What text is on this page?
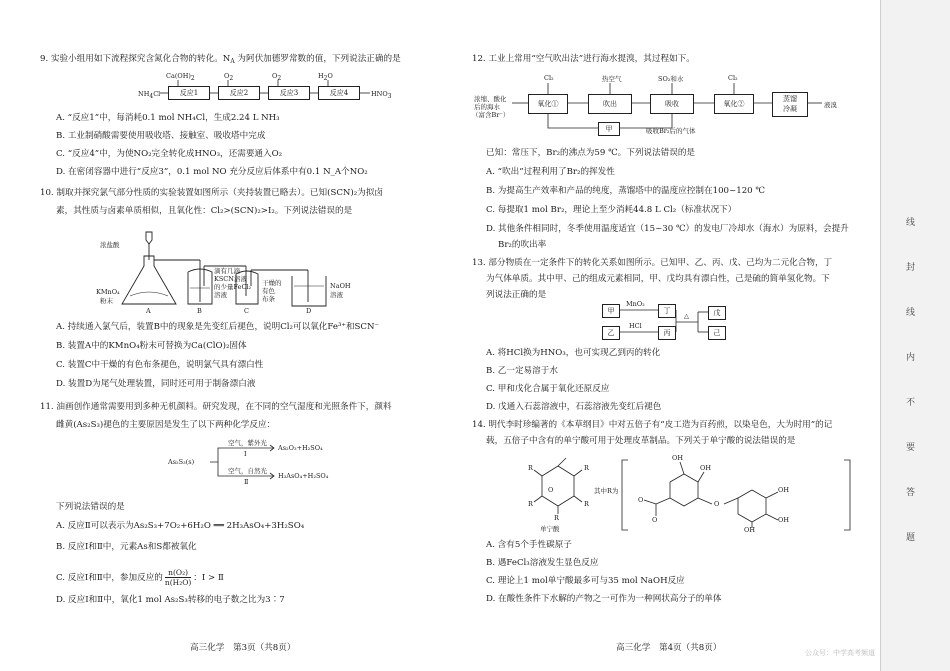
9. 实验小组用如下流程探究含氮化合物的转化。$N_A$ 为阿伏加德罗常数的值，下列说法正确的是
Ca(OH)2	O2	O2	H2O
NH4Cl	反应1	反应2	反应3	反应4	HNO3
A. “反应1”中，每消耗0.1 mol NH₄Cl，生成2.24 L NH₃
B. 工业制硝酸需要使用吸收塔、接触室、吸收塔中完成
C. “反应4”中，为使NO₂完全转化成HNO₃，还需要通入O₂
D. 在密闭容器中进行“反应3”，0.1 mol NO 充分反应后体系中有0.1 N_A个NO₂
10. 制取并探究氯气部分性质的实验装置如图所示（夹持装置已略去）。已知(SCN)₂为拟卤
素，其性质与卤素单质相似，且氧化性：Cl₂>(SCN)₂>I₂。下列说法错误的是
浓盐酸
KMnO₄
粉末
滴有几滴
KSCN溶液
的少量FeCl₂
溶液
干燥的
有色
布条
NaOH
溶液
A	B	C	D
A. 持续通入氯气后，装置B中的现象是先变红后褪色，说明Cl₂可以氧化Fe³⁺和SCN⁻
B. 装置A中的KMnO₄粉末可替换为Ca(ClO)₂固体
C. 装置C中干燥的有色布条褪色，说明氯气具有漂白性
D. 装置D为尾气处理装置，同时还可用于制备漂白液
11. 油画创作通常需要用到多种无机颜料。研究发现，在不同的空气湿度和光照条件下，颜料
雌黄(As₂S₃)褪色的主要原因是发生了以下两种化学反应：
As₂S₃(s)
空气，紫外光
Ⅰ
As₂O₃+H₂SO₄
空气，自然光
Ⅱ
H₃AsO₄+H₂SO₄
下列说法错误的是
A. 反应Ⅱ可以表示为As₂S₃+7O₂+6H₂O ══ 2H₃AsO₄+3H₂SO₄
B. 反应Ⅰ和Ⅱ中，元素As和S都被氧化
C. 反应Ⅰ和Ⅱ中，参加反应的 $\frac{\text{n(O₂)}}{\text{n(H₂O)}}$ ：Ⅰ > Ⅱ
D. 反应Ⅰ和Ⅱ中，氧化1 mol As₂S₃转移的电子数之比为3∶7
高三化学　第3页（共8页）
12. 工业上常用“空气吹出法”进行海水提溴，其过程如下。
浓缩、酸化
后的海水
（富含Br⁻）
Cl₂	热空气	SO₂和水	Cl₂
氧化①	吹出	吸收	氧化②
蒸馏
冷凝	液溴
甲	吸收Br₂后的气体
已知：常压下，Br₂的沸点为59 ℃。下列说法错误的是
A. “吹出”过程利用了Br₂的挥发性
B. 为提高生产效率和产品的纯度，蒸馏塔中的温度应控制在100~120 ℃
C. 每提取1 mol Br₂，理论上至少消耗44.8 L Cl₂（标准状况下）
D. 其他条件相同时，冬季使用温度适宜（15~30 ℃）的发电厂冷却水（海水）为原料，会提升
Br₂的吹出率
13. 部分物质在一定条件下的转化关系如图所示。已知甲、乙、丙、戊、己均为二元化合物，丁
为气体单质。其中甲、己的组成元素相同，甲、戊均具有漂白性，己是硫的简单氢化物。下
列说法正确的是
甲	丁
乙	丙
戊
己
MnO₂
HCl
△
A. 将HCl换为HNO₃，也可实现乙到丙的转化
B. 乙一定易溶于水
C. 甲和戊化合属于氧化还原反应
D. 戊通入石蕊溶液中，石蕊溶液先变红后褪色
14. 明代李时珍编著的《本草纲目》中对五倍子有“皮工造为百药煎，以染皂色，大为时用”的记
载，五倍子中含有的单宁酸可用于处理皮革制品。下列关于单宁酸的说法错误的是
R	R
R
R
R
O	其中R为
O
O
O
OH
OH
OH
OH
OH
单宁酸
A. 含有5个手性碳原子
B. 遇FeCl₃溶液发生显色反应
C. 理论上1 mol单宁酸最多可与35 mol NaOH反应
D. 在酸性条件下水解的产物之一可作为一种网状高分子的单体
高三化学　第4页（共8页）
线
封
线
内
不
要
答
题
公众号：中学高考频道
